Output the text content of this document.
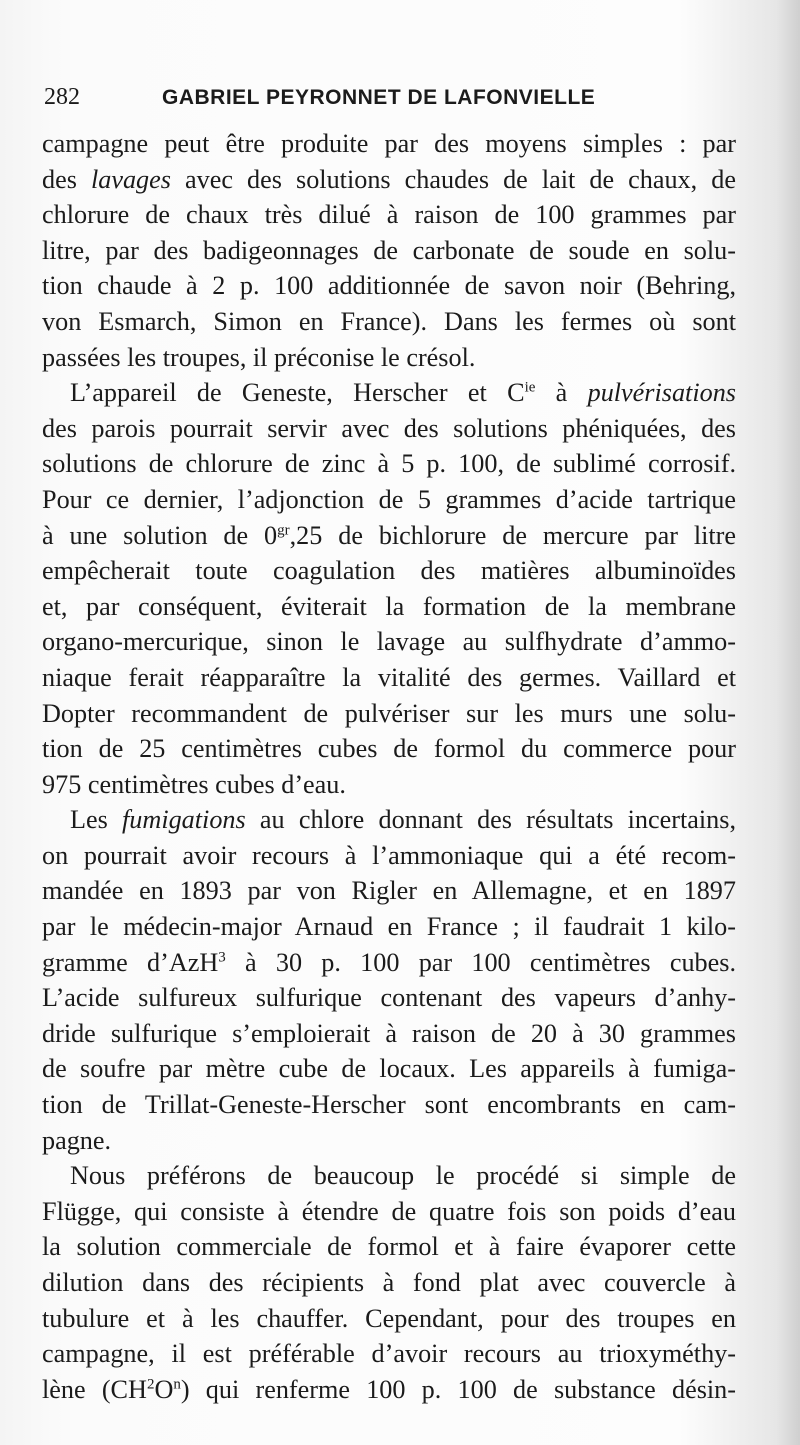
282	GABRIEL PEYRONNET DE LAFONVIELLE
campagne peut être produite par des moyens simples : par
des lavages avec des solutions chaudes de lait de chaux, de
chlorure de chaux très dilué à raison de 100 grammes par
litre, par des badigeonnages de carbonate de soude en solu-
tion chaude à 2 p. 100 additionnée de savon noir (Behring,
von Esmarch, Simon en France). Dans les fermes où sont
passées les troupes, il préconise le crésol.
L’appareil de Geneste, Herscher et $C^{ie}$ à pulvérisations
des parois pourrait servir avec des solutions phéniquées, des
solutions de chlorure de zinc à 5 p. 100, de sublimé corrosif.
Pour ce dernier, l’adjonction de 5 grammes d’acide tartrique
à une solution de $0^{gr},25$ de bichlorure de mercure par litre
empêcherait toute coagulation des matières albuminoïdes
et, par conséquent, éviterait la formation de la membrane
organo-mercurique, sinon le lavage au sulfhydrate d’ammo-
niaque ferait réapparaître la vitalité des germes. Vaillard et
Dopter recommandent de pulvériser sur les murs une solu-
tion de 25 centimètres cubes de formol du commerce pour
975 centimètres cubes d’eau.
Les fumigations au chlore donnant des résultats incertains,
on pourrait avoir recours à l’ammoniaque qui a été recom-
mandée en 1893 par von Rigler en Allemagne, et en 1897
par le médecin-major Arnaud en France ; il faudrait 1 kilo-
gramme d’AzH$^3$ à 30 p. 100 par 100 centimètres cubes.
L’acide sulfureux sulfurique contenant des vapeurs d’anhy-
dride sulfurique s’emploierait à raison de 20 à 30 grammes
de soufre par mètre cube de locaux. Les appareils à fumiga-
tion de Trillat-Geneste-Herscher sont encombrants en cam-
pagne.
Nous préférons de beaucoup le procédé si simple de
Flügge, qui consiste à étendre de quatre fois son poids d’eau
la solution commerciale de formol et à faire évaporer cette
dilution dans des récipients à fond plat avec couvercle à
tubulure et à les chauffer. Cependant, pour des troupes en
campagne, il est préférable d’avoir recours au trioxyméthy-
lène $(CH^2O^n)$ qui renferme 100 p. 100 de substance désin-
